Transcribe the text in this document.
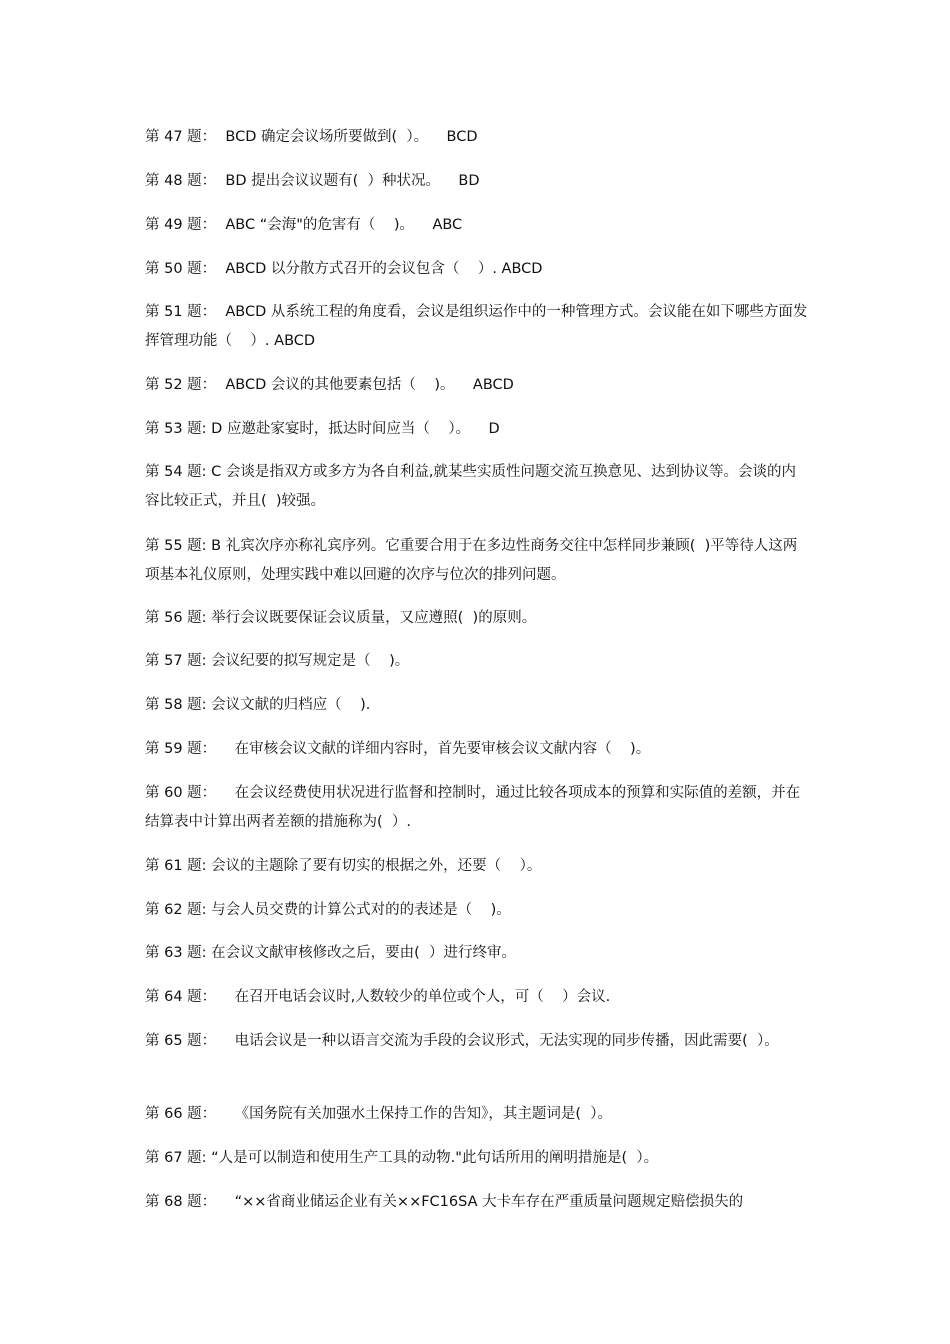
第 47 题：  BCD 确定会议场所要做到(  ）。    BCD

第 48 题：  BD 提出会议议题有(  ）种状况。    BD

第 49 题：  ABC “会海"的危害有（    )。    ABC

第 50 题：  ABCD 以分散方式召开的会议包含（    ）. ABCD

第 51 题：  ABCD 从系统工程的角度看，会议是组织运作中的一种管理方式。会议能在如下哪些方面发挥管理功能（    ）. ABCD

第 52 题：  ABCD 会议的其他要素包括（    )。    ABCD

第 53 题: D 应邀赴家宴时，抵达时间应当（    ）。    D

第 54 题: C 会谈是指双方或多方为各自利益,就某些实质性问题交流互换意见、达到协议等。会谈的内容比较正式，并且(  )较强。

第 55 题: B 礼宾次序亦称礼宾序列。它重要合用于在多边性商务交往中怎样同步兼顾(  )平等待人这两项基本礼仪原则，处理实践中难以回避的次序与位次的排列问题。

第 56 题: 举行会议既要保证会议质量，又应遵照(  )的原则。

第 57 题: 会议纪要的拟写规定是（    )。

第 58 题: 会议文献的归档应（    ).

第 59 题：    在审核会议文献的详细内容时，首先要审核会议文献内容（    )。

第 60 题：    在会议经费使用状况进行监督和控制时，通过比较各项成本的预算和实际值的差额，并在结算表中计算出两者差额的措施称为(  ）.

第 61 题: 会议的主题除了要有切实的根据之外，还要（    ）。

第 62 题: 与会人员交费的计算公式对的的表述是（    )。

第 63 题: 在会议文献审核修改之后，要由(  ）进行终审。

第 64 题：    在召开电话会议时,人数较少的单位或个人，可（    ）会议.

第 65 题：    电话会议是一种以语言交流为手段的会议形式，无法实现的同步传播，因此需要(  ）。

第 66 题：    《国务院有关加强水土保持工作的告知》，其主题词是(  ）。

第 67 题: “人是可以制造和使用生产工具的动物."此句话所用的阐明措施是(  ）。

第 68 题：    “××省商业储运企业有关××FC16SA 大卡车存在严重质量问题规定赔偿损失的
